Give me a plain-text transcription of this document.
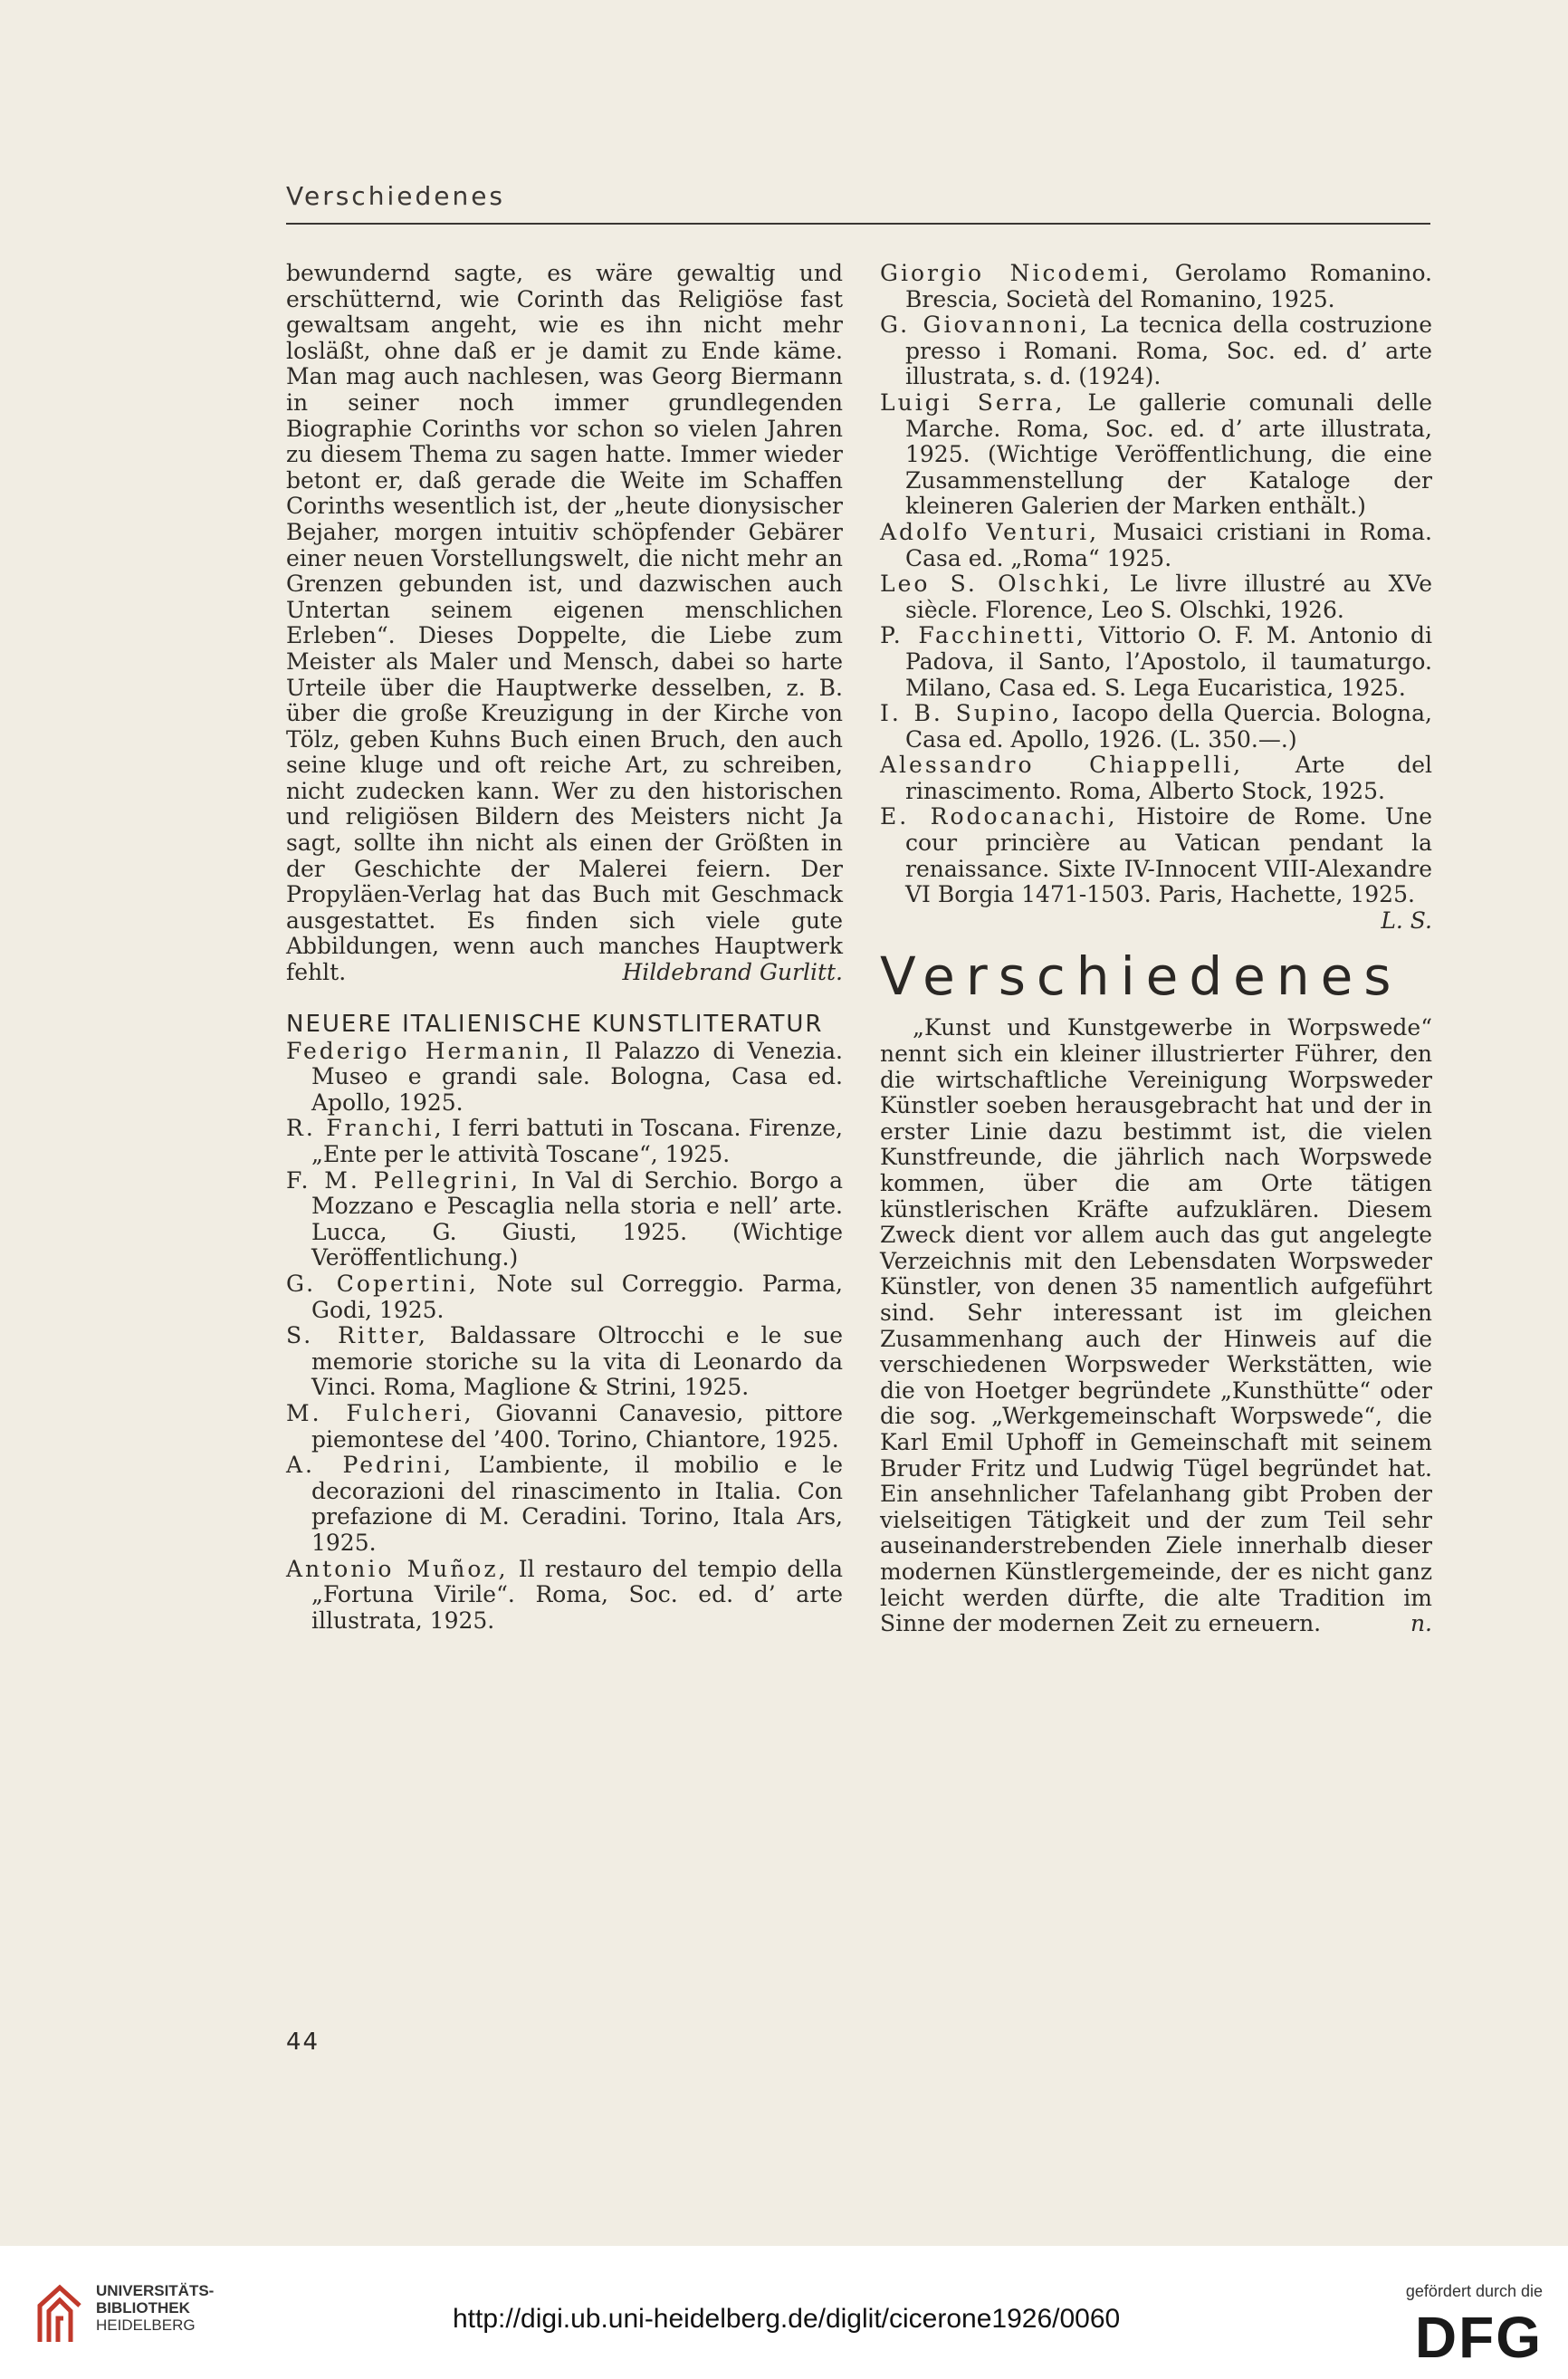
Verschiedenes

bewundernd sagte, es wäre gewaltig und erschütternd, wie Corinth das Religiöse fast gewaltsam angeht, wie es ihn nicht mehr losläßt, ohne daß er je damit zu Ende käme. Man mag auch nachlesen, was Georg Biermann in seiner noch immer grundlegenden Biographie Corinths vor schon so vielen Jahren zu diesem Thema zu sagen hatte. Immer wieder betont er, daß gerade die Weite im Schaffen Corinths wesentlich ist, der „heute dionysischer Bejaher, morgen intuitiv schöpfender Gebärer einer neuen Vorstellungswelt, die nicht mehr an Grenzen gebunden ist, und dazwischen auch Untertan seinem eigenen menschlichen Erleben“. Dieses Doppelte, die Liebe zum Meister als Maler und Mensch, dabei so harte Urteile über die Hauptwerke desselben, z. B. über die große Kreuzigung in der Kirche von Tölz, geben Kuhns Buch einen Bruch, den auch seine kluge und oft reiche Art, zu schreiben, nicht zudecken kann. Wer zu den historischen und religiösen Bildern des Meisters nicht Ja sagt, sollte ihn nicht als einen der Größten in der Geschichte der Malerei feiern. Der Propyläen-Verlag hat das Buch mit Geschmack ausgestattet. Es finden sich viele gute Abbildungen, wenn auch manches Hauptwerk fehlt.	Hildebrand Gurlitt.

NEUERE ITALIENISCHE KUNSTLITERATUR
Federigo Hermanin, Il Palazzo di Venezia. Museo e grandi sale. Bologna, Casa ed. Apollo, 1925.
R. Franchi, I ferri battuti in Toscana. Firenze, „Ente per le attività Toscane“, 1925.
F. M. Pellegrini, In Val di Serchio. Borgo a Mozzano e Pescaglia nella storia e nell’ arte. Lucca, G. Giusti, 1925. (Wichtige Veröffentlichung.)
G. Copertini, Note sul Correggio. Parma, Godi, 1925.
S. Ritter, Baldassare Oltrocchi e le sue memorie storiche su la vita di Leonardo da Vinci. Roma, Maglione & Strini, 1925.
M. Fulcheri, Giovanni Canavesio, pittore piemontese del ’400. Torino, Chiantore, 1925.
A. Pedrini, L’ambiente, il mobilio e le decorazioni del rinascimento in Italia. Con prefazione di M. Ceradini. Torino, Itala Ars, 1925.
Antonio Muñoz, Il restauro del tempio della „Fortuna Virile“. Roma, Soc. ed. d’ arte illustrata, 1925.
Giorgio Nicodemi, Gerolamo Romanino. Brescia, Società del Romanino, 1925.
G. Giovannoni, La tecnica della costruzione presso i Romani. Roma, Soc. ed. d’ arte illustrata, s. d. (1924).
Luigi Serra, Le gallerie comunali delle Marche. Roma, Soc. ed. d’ arte illustrata, 1925. (Wichtige Veröffentlichung, die eine Zusammenstellung der Kataloge der kleineren Galerien der Marken enthält.)
Adolfo Venturi, Musaici cristiani in Roma. Casa ed. „Roma“ 1925.
Leo S. Olschki, Le livre illustré au XVe siècle. Florence, Leo S. Olschki, 1926.
P. Facchinetti, Vittorio O. F. M. Antonio di Padova, il Santo, l’Apostolo, il taumaturgo. Milano, Casa ed. S. Lega Eucaristica, 1925.
I. B. Supino, Iacopo della Quercia. Bologna, Casa ed. Apollo, 1926. (L. 350.—.)
Alessandro Chiappelli, Arte del rinascimento. Roma, Alberto Stock, 1925.
E. Rodocanachi, Histoire de Rome. Une cour princière au Vatican pendant la renaissance. Sixte IV-Innocent VIII-Alexandre VI Borgia 1471-1503. Paris, Hachette, 1925.
L. S.
Verschiedenes

„Kunst und Kunstgewerbe in Worpswede“ nennt sich ein kleiner illustrierter Führer, den die wirtschaftliche Vereinigung Worpsweder Künstler soeben herausgebracht hat und der in erster Linie dazu bestimmt ist, die vielen Kunstfreunde, die jährlich nach Worpswede kommen, über die am Orte tätigen künstlerischen Kräfte aufzuklären. Diesem Zweck dient vor allem auch das gut angelegte Verzeichnis mit den Lebensdaten Worpsweder Künstler, von denen 35 namentlich aufgeführt sind. Sehr interessant ist im gleichen Zusammenhang auch der Hinweis auf die verschiedenen Worpsweder Werkstätten, wie die von Hoetger begründete „Kunsthütte“ oder die sog. „Werkgemeinschaft Worpswede“, die Karl Emil Uphoff in Gemeinschaft mit seinem Bruder Fritz und Ludwig Tügel begründet hat. Ein ansehnlicher Tafelanhang gibt Proben der vielseitigen Tätigkeit und der zum Teil sehr auseinanderstrebenden Ziele innerhalb dieser modernen Künstlergemeinde, der es nicht ganz leicht werden dürfte, die alte Tradition im Sinne der modernen Zeit zu erneuern.	n.

44
UNIVERSITÄTS-
BIBLIOTHEK
HEIDELBERG	http://digi.ub.uni-heidelberg.de/diglit/cicerone1926/0060
gefördert durch die
DFG
